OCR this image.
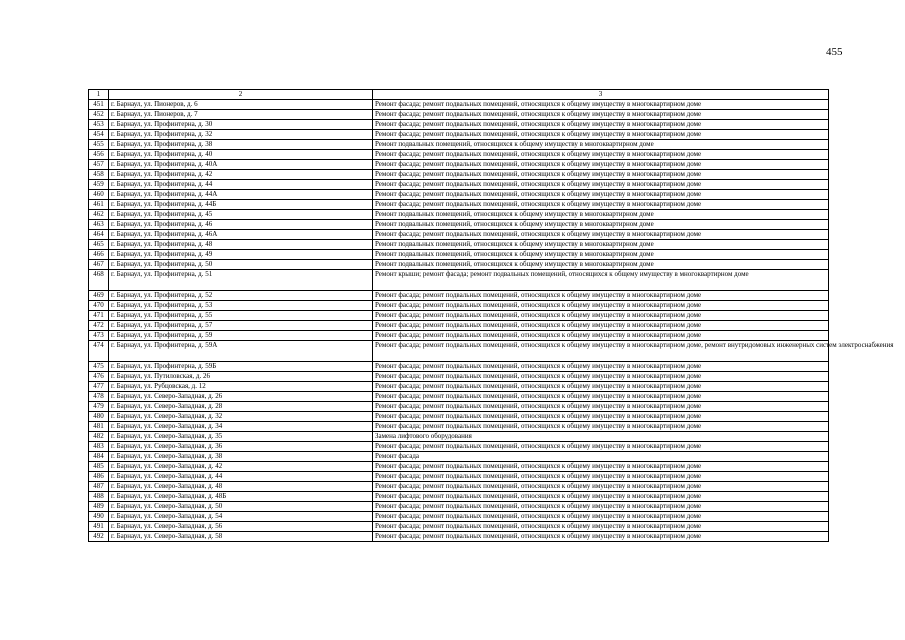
455
1	2	3
451	г. Барнаул, ул. Пионеров, д. 6	Ремонт фасада; ремонт подвальных помещений, относящихся к общему имуществу в многоквартирном доме
452	г. Барнаул, ул. Пионеров, д. 7	Ремонт фасада; ремонт подвальных помещений, относящихся к общему имуществу в многоквартирном доме
453	г. Барнаул, ул. Профинтерна, д. 30	Ремонт фасада; ремонт подвальных помещений, относящихся к общему имуществу в многоквартирном доме
454	г. Барнаул, ул. Профинтерна, д. 32	Ремонт фасада; ремонт подвальных помещений, относящихся к общему имуществу в многоквартирном доме
455	г. Барнаул, ул. Профинтерна, д. 38	Ремонт подвальных помещений, относящихся к общему имуществу в многоквартирном доме
456	г. Барнаул, ул. Профинтерна, д. 40	Ремонт фасада; ремонт подвальных помещений, относящихся к общему имуществу в многоквартирном доме
457	г. Барнаул, ул. Профинтерна, д. 40А	Ремонт фасада; ремонт подвальных помещений, относящихся к общему имуществу в многоквартирном доме
458	г. Барнаул, ул. Профинтерна, д. 42	Ремонт фасада; ремонт подвальных помещений, относящихся к общему имуществу в многоквартирном доме
459	г. Барнаул, ул. Профинтерна, д. 44	Ремонт фасада; ремонт подвальных помещений, относящихся к общему имуществу в многоквартирном доме
460	г. Барнаул, ул. Профинтерна, д. 44А	Ремонт фасада; ремонт подвальных помещений, относящихся к общему имуществу в многоквартирном доме
461	г. Барнаул, ул. Профинтерна, д. 44Б	Ремонт фасада; ремонт подвальных помещений, относящихся к общему имуществу в многоквартирном доме
462	г. Барнаул, ул. Профинтерна, д. 45	Ремонт подвальных помещений, относящихся к общему имуществу в многоквартирном доме
463	г. Барнаул, ул. Профинтерна, д. 46	Ремонт подвальных помещений, относящихся к общему имуществу в многоквартирном доме
464	г. Барнаул, ул. Профинтерна, д. 46А	Ремонт фасада; ремонт подвальных помещений, относящихся к общему имуществу в многоквартирном доме
465	г. Барнаул, ул. Профинтерна, д. 48	Ремонт подвальных помещений, относящихся к общему имуществу в многоквартирном доме
466	г. Барнаул, ул. Профинтерна, д. 49	Ремонт подвальных помещений, относящихся к общему имуществу в многоквартирном доме
467	г. Барнаул, ул. Профинтерна, д. 50	Ремонт подвальных помещений, относящихся к общему имуществу в многоквартирном доме
468	г. Барнаул, ул. Профинтерна, д. 51	Ремонт крыши; ремонт фасада; ремонт подвальных помещений, относящихся к общему имуществу в многоквартирном доме
469	г. Барнаул, ул. Профинтерна, д. 52	Ремонт фасада; ремонт подвальных помещений, относящихся к общему имуществу в многоквартирном доме
470	г. Барнаул, ул. Профинтерна, д. 53	Ремонт фасада; ремонт подвальных помещений, относящихся к общему имуществу в многоквартирном доме
471	г. Барнаул, ул. Профинтерна, д. 55	Ремонт фасада; ремонт подвальных помещений, относящихся к общему имуществу в многоквартирном доме
472	г. Барнаул, ул. Профинтерна, д. 57	Ремонт фасада; ремонт подвальных помещений, относящихся к общему имуществу в многоквартирном доме
473	г. Барнаул, ул. Профинтерна, д. 59	Ремонт фасада; ремонт подвальных помещений, относящихся к общему имуществу в многоквартирном доме
474	г. Барнаул, ул. Профинтерна, д. 59А	Ремонт фасада; ремонт подвальных помещений, относящихся к общему имуществу в многоквартирном доме, ремонт внутридомовых инженерных систем электроснабжения
475	г. Барнаул, ул. Профинтерна, д. 59Б	Ремонт фасада; ремонт подвальных помещений, относящихся к общему имуществу в многоквартирном доме
476	г. Барнаул, ул. Путиловская, д. 26	Ремонт фасада; ремонт подвальных помещений, относящихся к общему имуществу в многоквартирном доме
477	г. Барнаул, ул. Рубцовская, д. 12	Ремонт фасада; ремонт подвальных помещений, относящихся к общему имуществу в многоквартирном доме
478	г. Барнаул, ул. Северо-Западная, д. 26	Ремонт фасада; ремонт подвальных помещений, относящихся к общему имуществу в многоквартирном доме
479	г. Барнаул, ул. Северо-Западная, д. 28	Ремонт фасада; ремонт подвальных помещений, относящихся к общему имуществу в многоквартирном доме
480	г. Барнаул, ул. Северо-Западная, д. 32	Ремонт фасада; ремонт подвальных помещений, относящихся к общему имуществу в многоквартирном доме
481	г. Барнаул, ул. Северо-Западная, д. 34	Ремонт фасада; ремонт подвальных помещений, относящихся к общему имуществу в многоквартирном доме
482	г. Барнаул, ул. Северо-Западная, д. 35	Замена лифтового оборудования
483	г. Барнаул, ул. Северо-Западная, д. 36	Ремонт фасада; ремонт подвальных помещений, относящихся к общему имуществу в многоквартирном доме
484	г. Барнаул, ул. Северо-Западная, д. 38	Ремонт фасада
485	г. Барнаул, ул. Северо-Западная, д. 42	Ремонт фасада; ремонт подвальных помещений, относящихся к общему имуществу в многоквартирном доме
486	г. Барнаул, ул. Северо-Западная, д. 44	Ремонт фасада; ремонт подвальных помещений, относящихся к общему имуществу в многоквартирном доме
487	г. Барнаул, ул. Северо-Западная, д. 48	Ремонт фасада; ремонт подвальных помещений, относящихся к общему имуществу в многоквартирном доме
488	г. Барнаул, ул. Северо-Западная, д. 48Б	Ремонт фасада; ремонт подвальных помещений, относящихся к общему имуществу в многоквартирном доме
489	г. Барнаул, ул. Северо-Западная, д. 50	Ремонт фасада; ремонт подвальных помещений, относящихся к общему имуществу в многоквартирном доме
490	г. Барнаул, ул. Северо-Западная, д. 54	Ремонт фасада; ремонт подвальных помещений, относящихся к общему имуществу в многоквартирном доме
491	г. Барнаул, ул. Северо-Западная, д. 56	Ремонт фасада; ремонт подвальных помещений, относящихся к общему имуществу в многоквартирном доме
492	г. Барнаул, ул. Северо-Западная, д. 58	Ремонт фасада; ремонт подвальных помещений, относящихся к общему имуществу в многоквартирном доме
